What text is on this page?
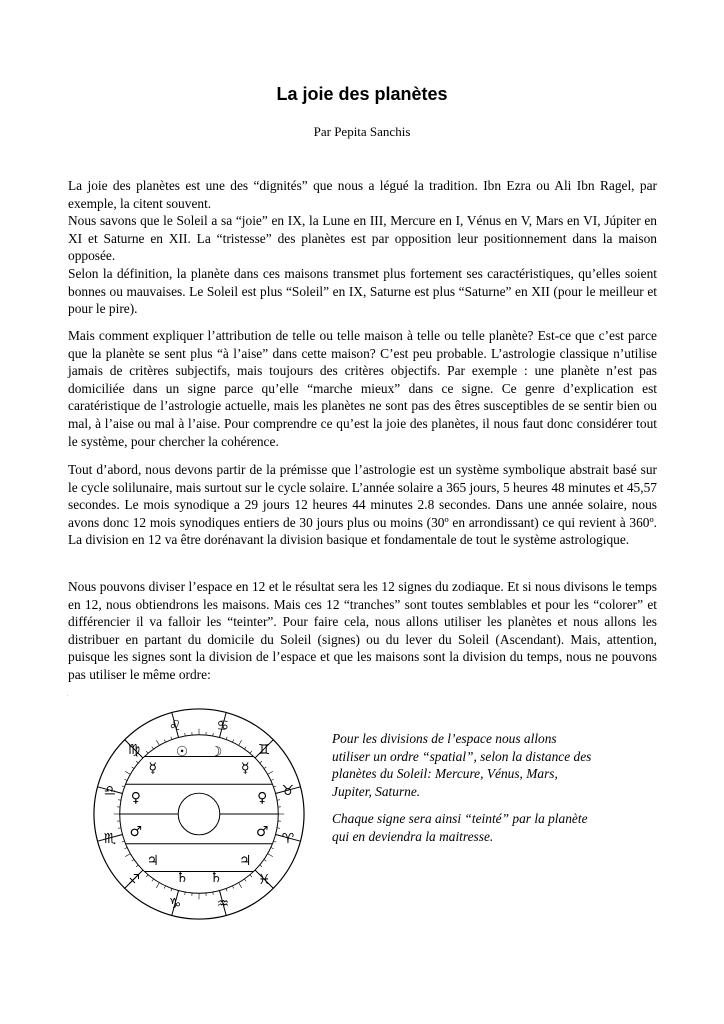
La joie des planètes
Par Pepita Sanchis

La joie des planètes est une des “dignités” que nous a légué la tradition. Ibn Ezra ou Ali Ibn Ragel, par exemple, la citent souvent.

Nous savons que le Soleil a sa “joie” en IX, la Lune en III, Mercure en I, Vénus en V, Mars en VI, Júpiter en XI et Saturne en XII. La “tristesse” des planètes est par opposition leur positionnement dans la maison opposée.

Selon la définition, la planète dans ces maisons transmet plus fortement ses caractéristiques, qu’elles soient bonnes ou mauvaises. Le Soleil est plus “Soleil” en IX, Saturne est plus “Saturne” en XII (pour le meilleur et pour le pire).

Mais comment expliquer l’attribution de telle ou telle maison à telle ou telle planète? Est-ce que c’est parce que la planète se sent plus “à l’aise” dans cette maison? C’est peu probable. L’astrologie classique n’utilise jamais de critères subjectifs, mais toujours des critères objectifs. Par exemple : une planète n’est pas domiciliée dans un signe parce qu’elle “marche mieux” dans ce signe. Ce genre d’explication est caratéristique de l’astrologie actuelle, mais les planètes ne sont pas des êtres susceptibles de se sentir bien ou mal, à l’aise ou mal à l’aise. Pour comprendre ce qu’est la joie des planètes, il nous faut donc considérer tout le système, pour chercher la cohérence.

Tout d’abord, nous devons partir de la prémisse que l’astrologie est un système symbolique abstrait basé sur le cycle solilunaire, mais surtout sur le cycle solaire. L’année solaire a 365 jours, 5 heures 48 minutes et 45,57 secondes. Le mois synodique a 29 jours 12 heures 44 minutes 2.8 secondes. Dans une année solaire, nous avons donc 12 mois synodiques entiers de 30 jours plus ou moins (30º en arrondissant) ce qui revient à 360º. La division en 12 va être dorénavant la division basique et fondamentale de tout le système astrologique.

Nous pouvons diviser l’espace en 12 et le résultat sera les 12 signes du zodiaque. Et si nous divisons le temps en 12, nous obtiendrons les maisons. Mais ces 12 “tranches” sont toutes semblables et pour les “colorer” et différencier il va falloir les “teinter”. Pour faire cela, nous allons utiliser les planètes et nous allons les distribuer en partant du domicile du Soleil (signes) ou du lever du Soleil (Ascendant). Mais, attention, puisque les signes sont la division de l’espace et que les maisons sont la division du temps, nous ne pouvons pas utiliser le même ordre:

.
♌	♋
♍	♊
♎	♉
♏	♈
♐	♓
♑	♒
☉ ☽
☿	☿
♀	♀
♂	♂
♃	♃
♄ ♄

Pour les divisions de l’espace nous allons utiliser un ordre “spatial”, selon la distance des planètes du Soleil: Mercure, Vénus, Mars, Jupiter, Saturne.

Chaque signe sera ainsi “teinté” par la planète qui en deviendra la maitresse.
